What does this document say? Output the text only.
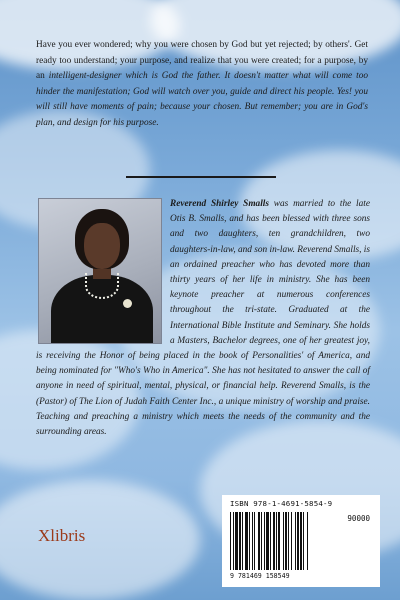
Have you ever wondered; why you were chosen by God but yet rejected; by others'. Get ready too understand; your purpose, and realize that you were created; for a purpose, by an intelligent-designer which is God the father. It doesn't matter what will come too hinder the manifestation; God will watch over you, guide and direct his people. Yes! you will still have moments of pain; because your chosen. But remember; you are in God's plan, and design for his purpose.
Reverend Shirley Smalls was married to the late Otis B. Smalls, and has been blessed with three sons and two daughters, ten grandchildren, two daughters-in-law, and son in-law. Reverend Smalls, is an ordained preacher who has devoted more than thirty years of her life in ministry. She has been keynote preacher at numerous conferences throughout the tri-state. Graduated at the International Bible Institute and Seminary. She holds a Masters, Bachelor degrees, one of her greatest joy, is receiving the Honor of being placed in the book of Personalities' of America, and being nominated for "Who's Who in America". She has not hesitated to answer the call of anyone in need of spiritual, mental, physical, or financial help. Reverend Smalls, is the (Pastor) of The Lion of Judah Faith Center Inc., a unique ministry of worship and praise. Teaching and preaching a ministry which meets the needs of the community and the surrounding areas.
Xlibris
ISBN 978-1-4691-5854-9
90000
9 781469 158549
